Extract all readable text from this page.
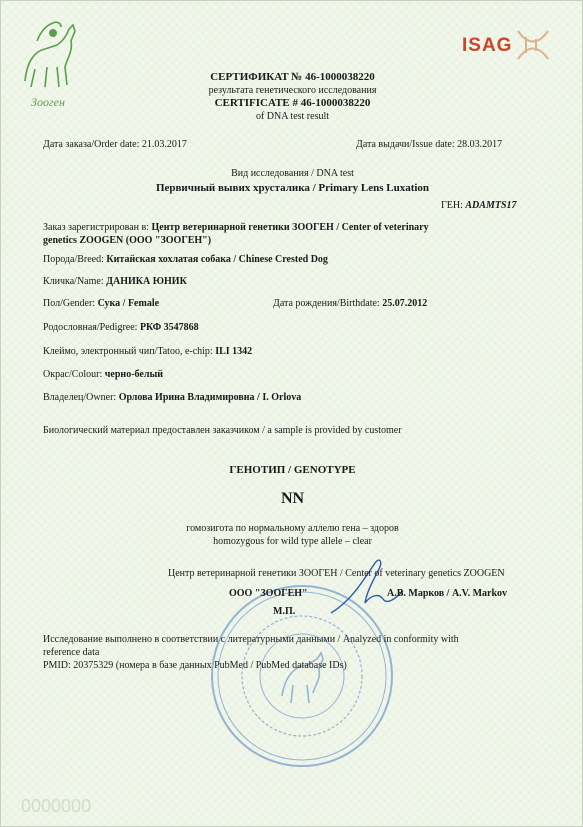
Зооген
ISAG
СЕРТИФИКАТ № 46-1000038220
результата генетического исследования
CERTIFICATE # 46-1000038220
of DNA test result
Дата заказа/Order date: 21.03.2017	Дата выдачи/Issue date: 28.03.2017
Вид исследования / DNA test
Первичный вывих хрусталика / Primary Lens Luxation
ГЕН: ADAMTS17
Заказ зарегистрирован в: Центр ветеринарной генетики ЗООГЕН / Center of veterinary
genetics ZOOGEN (ООО "ЗООГЕН")
Порода/Breed: Китайская хохлатая собака / Chinese Crested Dog
Кличка/Name: ДАНИКА ЮНИК
Пол/Gender: Сука / Female	Дата рождения/Birthdate: 25.07.2012
Родословная/Pedigree: РКФ 3547868
Клеймо, электронный чип/Tatoo, e-chip: ILI 1342
Окрас/Colour: черно-белый
Владелец/Owner: Орлова Ирина Владимировна / I. Orlova
Биологический материал предоставлен заказчиком / a sample is provided by customer
ГЕНОТИП / GENOTYPE
NN
гомозигота по нормальному аллелю гена – здоров
homozygous for wild type allele – clear
Центр ветеринарной генетики ЗООГЕН / Center of veterinary genetics ZOOGEN
ООО "ЗООГЕН"	А.В. Марков / A.V. Markov
М.П.
Исследование выполнено в соответствии с литературными данными / Analyzed in conformity with
reference data
PMID: 20375329 (номера в базе данных PubMed / PubMed database IDs)
0000000
